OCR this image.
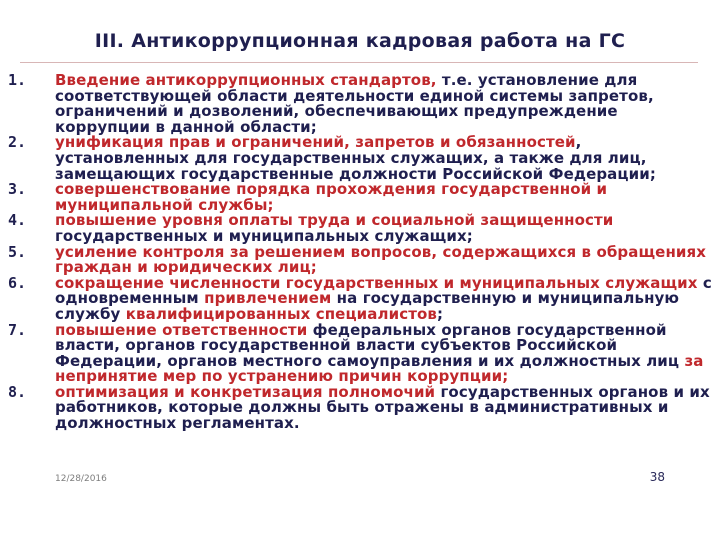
III. Антикоррупционная кадровая работа на ГС
1.	Введение антикоррупционных стандартов, т.е. установление для соответствующей области деятельности единой системы запретов, ограничений и дозволений, обеспечивающих предупреждение коррупции в данной области;
2.	унификация прав и ограничений, запретов и обязанностей, установленных для государственных служащих, а также для лиц, замещающих государственные должности Российской Федерации;
3.	совершенствование порядка прохождения государственной и муниципальной службы;
4.	повышение уровня оплаты труда и социальной защищенности государственных и муниципальных служащих;
5.	усиление контроля за решением вопросов, содержащихся в обращениях граждан и юридических лиц;
6.	сокращение численности государственных и муниципальных служащих с одновременным привлечением на государственную и муниципальную службу квалифицированных специалистов;
7.	повышение ответственности федеральных органов государственной власти, органов государственной власти субъектов Российской Федерации, органов местного самоуправления и их должностных лиц за непринятие мер по устранению причин коррупции;
8.	оптимизация и конкретизация полномочий государственных органов и их работников, которые должны быть отражены в административных и должностных регламентах.
12/28/2016	38
